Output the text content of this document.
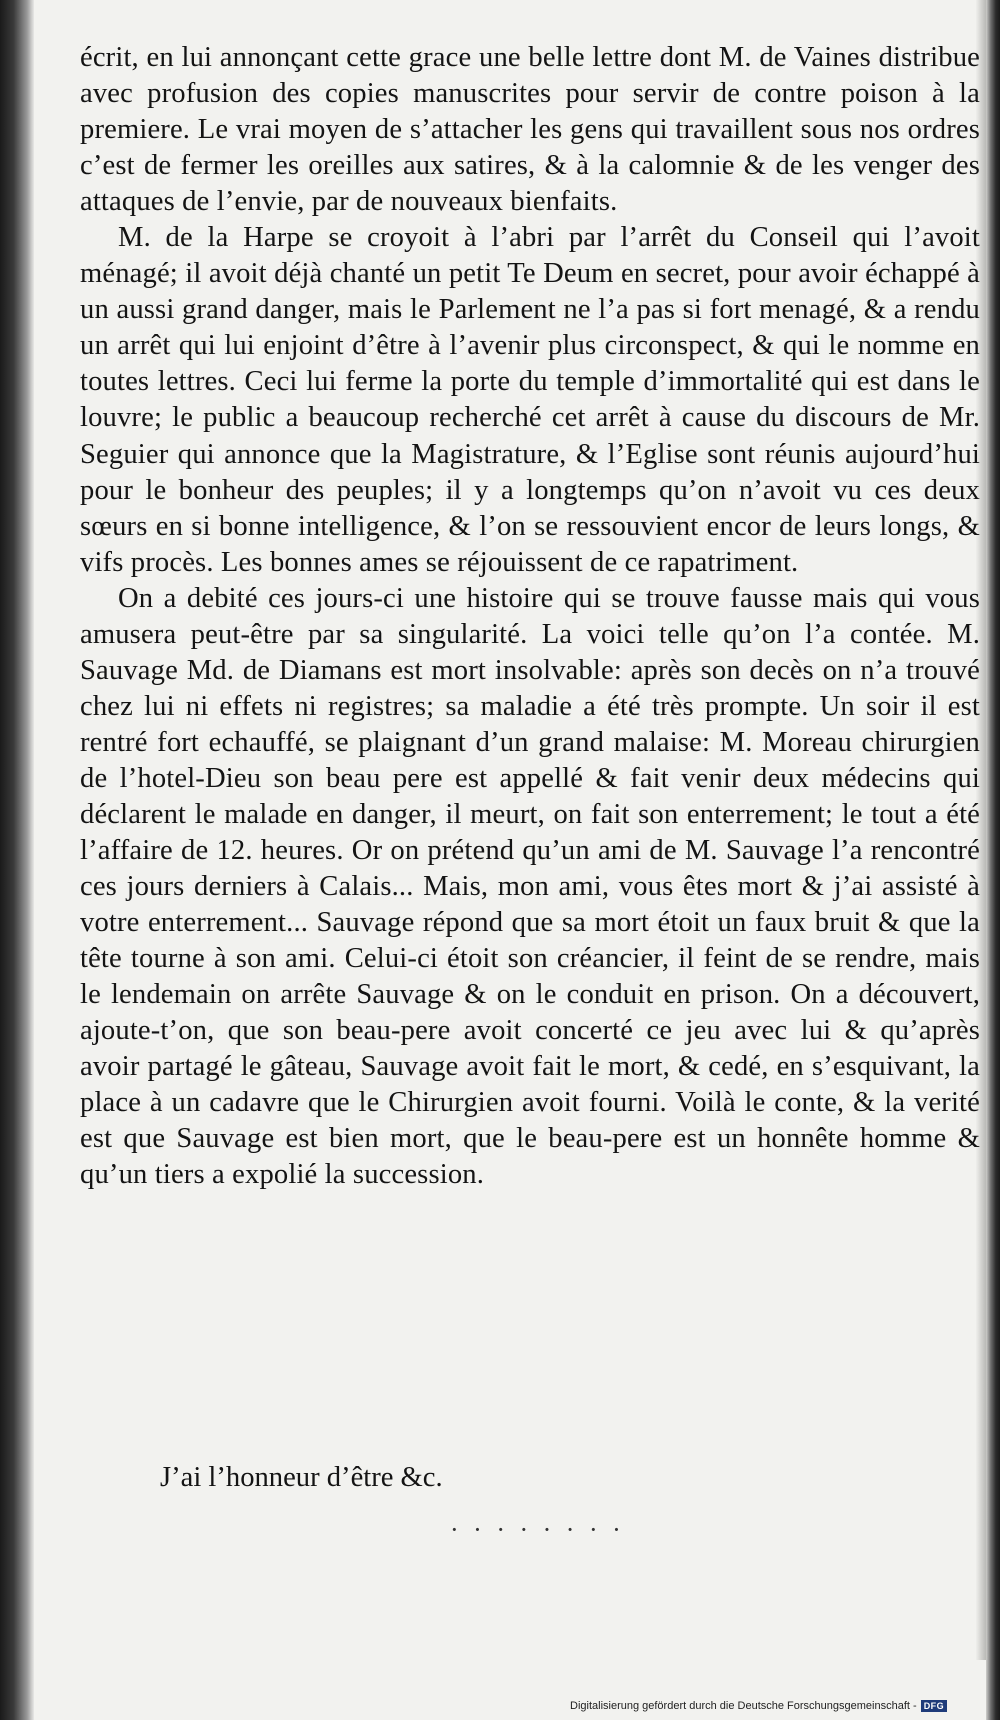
écrit, en lui annonçant cette grace une belle lettre dont M. de Vaines distribue avec profusion des copies manuscrites pour servir de contre poison à la premiere. Le vrai moyen de s’attacher les gens qui travaillent sous nos ordres c’est de fermer les oreilles aux satires, & à la calomnie & de les venger des attaques de l’envie, par de nouveaux bienfaits.

M. de la Harpe se croyoit à l’abri par l’arrêt du Conseil qui l’avoit ménagé; il avoit déjà chanté un petit Te Deum en secret, pour avoir échappé à un aussi grand danger, mais le Parlement ne l’a pas si fort menagé, & a rendu un arrêt qui lui enjoint d’être à l’avenir plus circonspect, & qui le nomme en toutes lettres. Ceci lui ferme la porte du temple d’immortalité qui est dans le louvre; le public a beaucoup recherché cet arrêt à cause du discours de Mr. Seguier qui annonce que la Magistrature, & l’Eglise sont réunis aujourd’hui pour le bonheur des peuples; il y a longtemps qu’on n’avoit vu ces deux sœurs en si bonne intelligence, & l’on se ressouvient encor de leurs longs, & vifs procès. Les bonnes ames se réjouissent de ce rapatriment.

On a debité ces jours-ci une histoire qui se trouve fausse mais qui vous amusera peut-être par sa singularité. La voici telle qu’on l’a contée. M. Sauvage Md. de Diamans est mort insolvable: après son decès on n’a trouvé chez lui ni effets ni registres; sa maladie a été très prompte. Un soir il est rentré fort echauffé, se plaignant d’un grand malaise: M. Moreau chirurgien de l’hotel-Dieu son beau pere est appellé & fait venir deux médecins qui déclarent le malade en danger, il meurt, on fait son enterrement; le tout a été l’affaire de 12. heures. Or on prétend qu’un ami de M. Sauvage l’a rencontré ces jours derniers à Calais... Mais, mon ami, vous êtes mort & j’ai assisté à votre enterrement... Sauvage répond que sa mort étoit un faux bruit & que la tête tourne à son ami. Celui-ci étoit son créancier, il feint de se rendre, mais le lendemain on arrête Sauvage & on le conduit en prison. On a découvert, ajoute-t’on, que son beau-pere avoit concerté ce jeu avec lui & qu’après avoir partagé le gâteau, Sauvage avoit fait le mort, & cedé, en s’esquivant, la place à un cadavre que le Chirurgien avoit fourni. Voilà le conte, & la verité est que Sauvage est bien mort, que le beau-pere est un honnête homme & qu’un tiers a expolié la succession.

J’ai l’honneur d’être &c.
· · · · · · · ·
Digitalisierung gefördert durch die Deutsche Forschungsgemeinschaft - DFG
